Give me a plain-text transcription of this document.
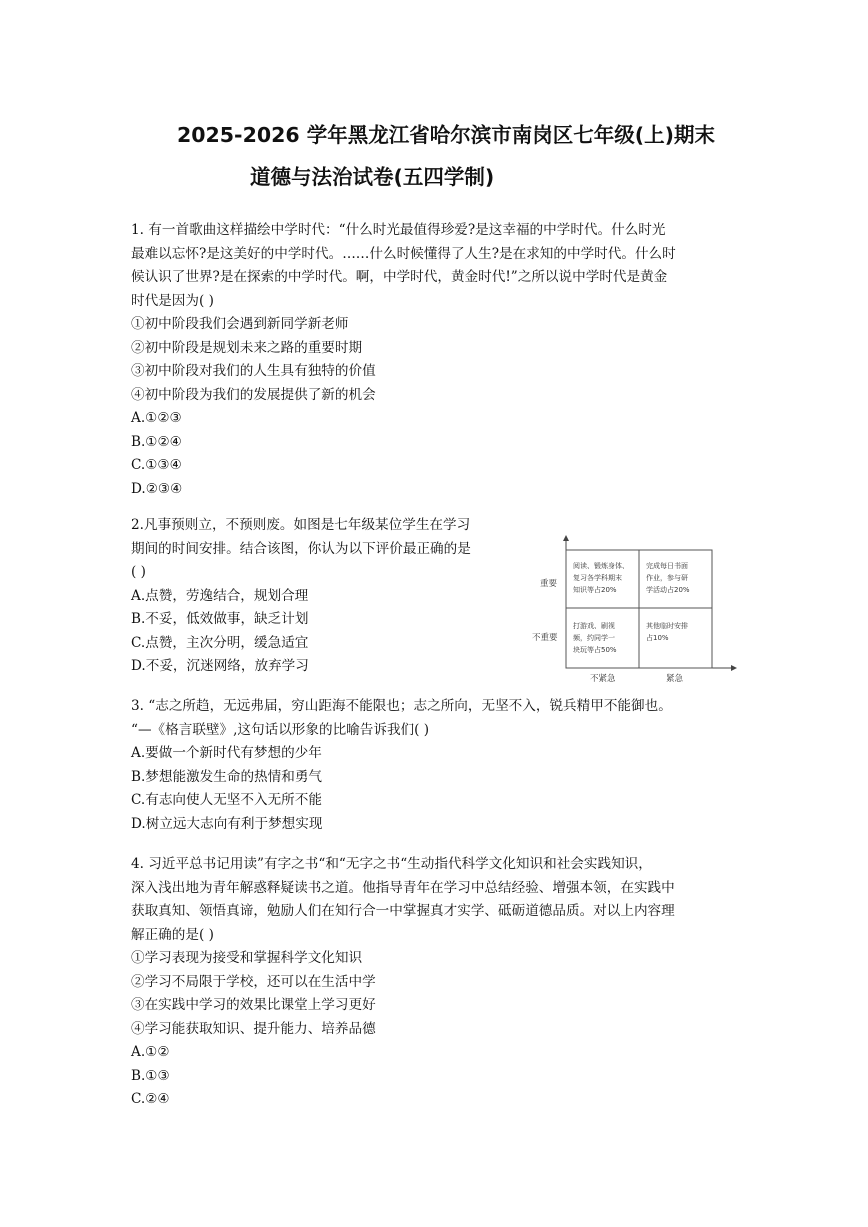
2025-2026 学年黑龙江省哈尔滨市南岗区七年级(上)期末
道德与法治试卷(五四学制)
1. 有一首歌曲这样描绘中学时代：“什么时光最值得珍爱?是这幸福的中学时代。什么时光
最难以忘怀?是这美好的中学时代。……什么时候懂得了人生?是在求知的中学时代。什么时
候认识了世界?是在探索的中学时代。啊，中学时代，黄金时代!”之所以说中学时代是黄金
时代是因为( )
①初中阶段我们会遇到新同学新老师
②初中阶段是规划未来之路的重要时期
③初中阶段对我们的人生具有独特的价值
④初中阶段为我们的发展提供了新的机会
A.①②③
B.①②④
C.①③④
D.②③④
2.凡事预则立，不预则废。如图是七年级某位学生在学习
期间的时间安排。结合该图，你认为以下评价最正确的是
( )
A.点赞，劳逸结合，规划合理
B.不妥，低效做事，缺乏计划
C.点赞，主次分明，缓急适宜
D.不妥，沉迷网络，放弃学习
重要
不重要
不紧急	紧急
阅读、锻炼身体、
复习各学科期末
知识等占20%
完成每日书面
作业，参与研
学活动占20%
打游戏、刷视
频，约同学一
块玩等占50%
其他临时安排
占10%
3. “志之所趋，无远弗届，穷山距海不能限也；志之所向，无坚不入，锐兵精甲不能御也。
“—《格言联壁》,这句话以形象的比喻告诉我们( )
A.要做一个新时代有梦想的少年
B.梦想能激发生命的热情和勇气
C.有志向使人无坚不入无所不能
D.树立远大志向有利于梦想实现
4. 习近平总书记用读”有字之书“和“无字之书“生动指代科学文化知识和社会实践知识，
深入浅出地为青年解惑释疑读书之道。他指导青年在学习中总结经验、增强本领，在实践中
获取真知、领悟真谛，勉励人们在知行合一中掌握真才实学、砥砺道德品质。对以上内容理
解正确的是( )
①学习表现为接受和掌握科学文化知识
②学习不局限于学校，还可以在生活中学
③在实践中学习的效果比课堂上学习更好
④学习能获取知识、提升能力、培养品德
A.①②
B.①③
C.②④
